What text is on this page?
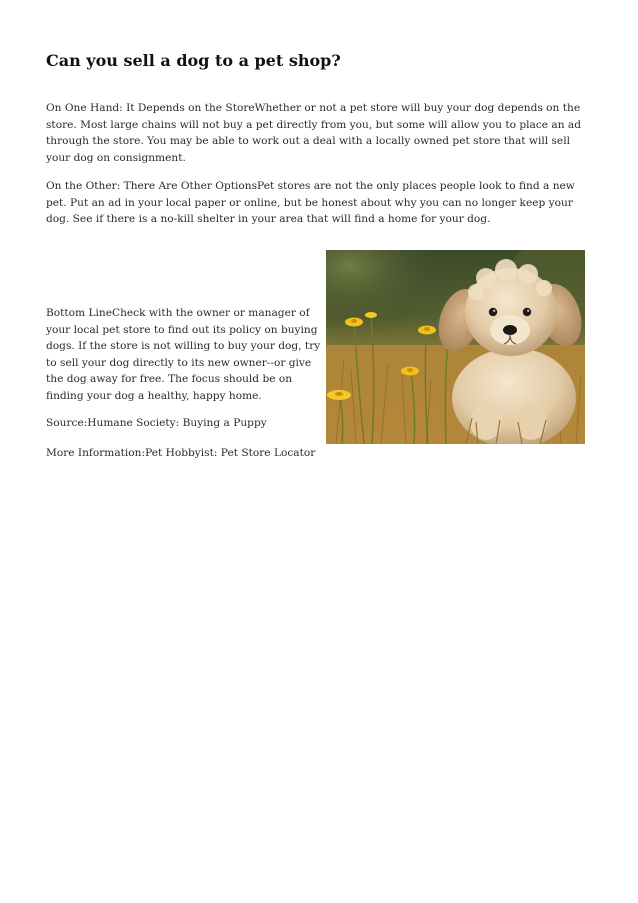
Can you sell a dog to a pet shop?

On One Hand: It Depends on the StoreWhether or not a pet store will buy your dog depends on the store. Most large chains will not buy a pet directly from you, but some will allow you to place an ad through the store. You may be able to work out a deal with a locally owned pet store that will sell your dog on consignment.

On the Other: There Are Other OptionsPet stores are not the only places people look to find a new pet. Put an ad in your local paper or online, but be honest about why you can no longer keep your dog. See if there is a no-kill shelter in your area that will find a home for your dog.

Bottom LineCheck with the owner or manager of your local pet store to find out its policy on buying dogs. If the store is not willing to buy your dog, try to sell your dog directly to its new owner--or give the dog away for free. The focus should be on finding your dog a healthy, happy home.

Source:Humane Society: Buying a Puppy

More Information:Pet Hobbyist: Pet Store Locator
